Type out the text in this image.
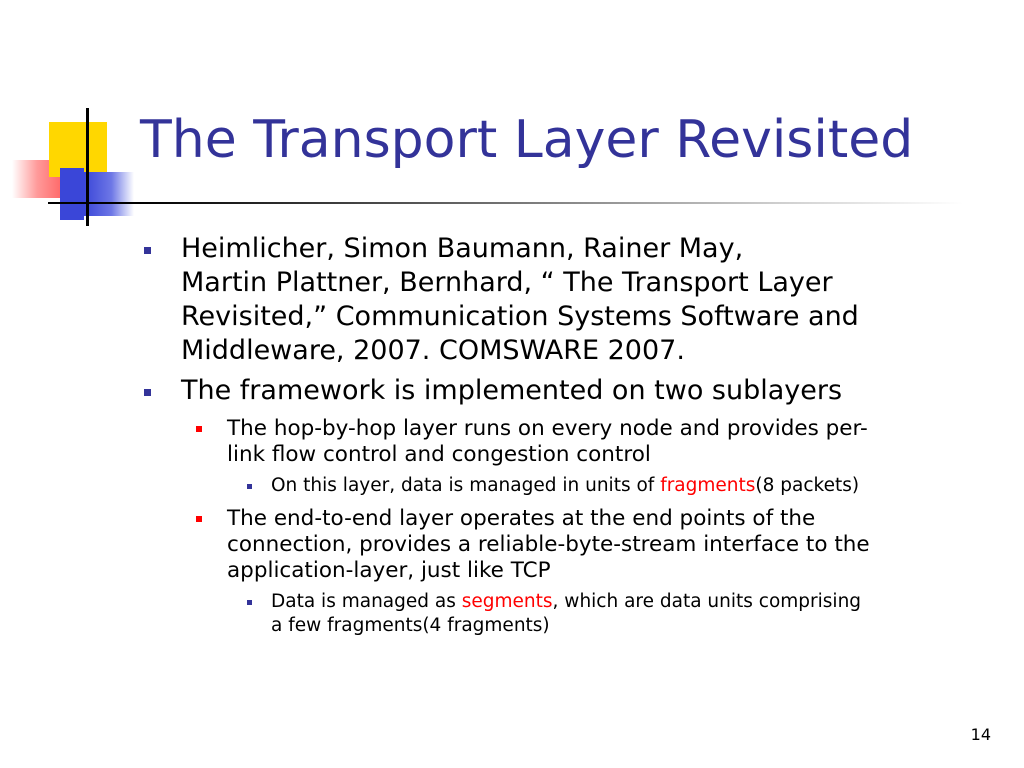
The Transport Layer Revisited
Heimlicher, Simon Baumann, Rainer May,
Martin Plattner, Bernhard, “ The Transport Layer
Revisited,” Communication Systems Software and
Middleware, 2007. COMSWARE 2007.
The framework is implemented on two sublayers
The hop-by-hop layer runs on every node and provides per-
link flow control and congestion control
On this layer, data is managed in units of fragments(8 packets)
The end-to-end layer operates at the end points of the
connection, provides a reliable-byte-stream interface to the
application-layer, just like TCP
Data is managed as segments, which are data units comprising
a few fragments(4 fragments)
14
